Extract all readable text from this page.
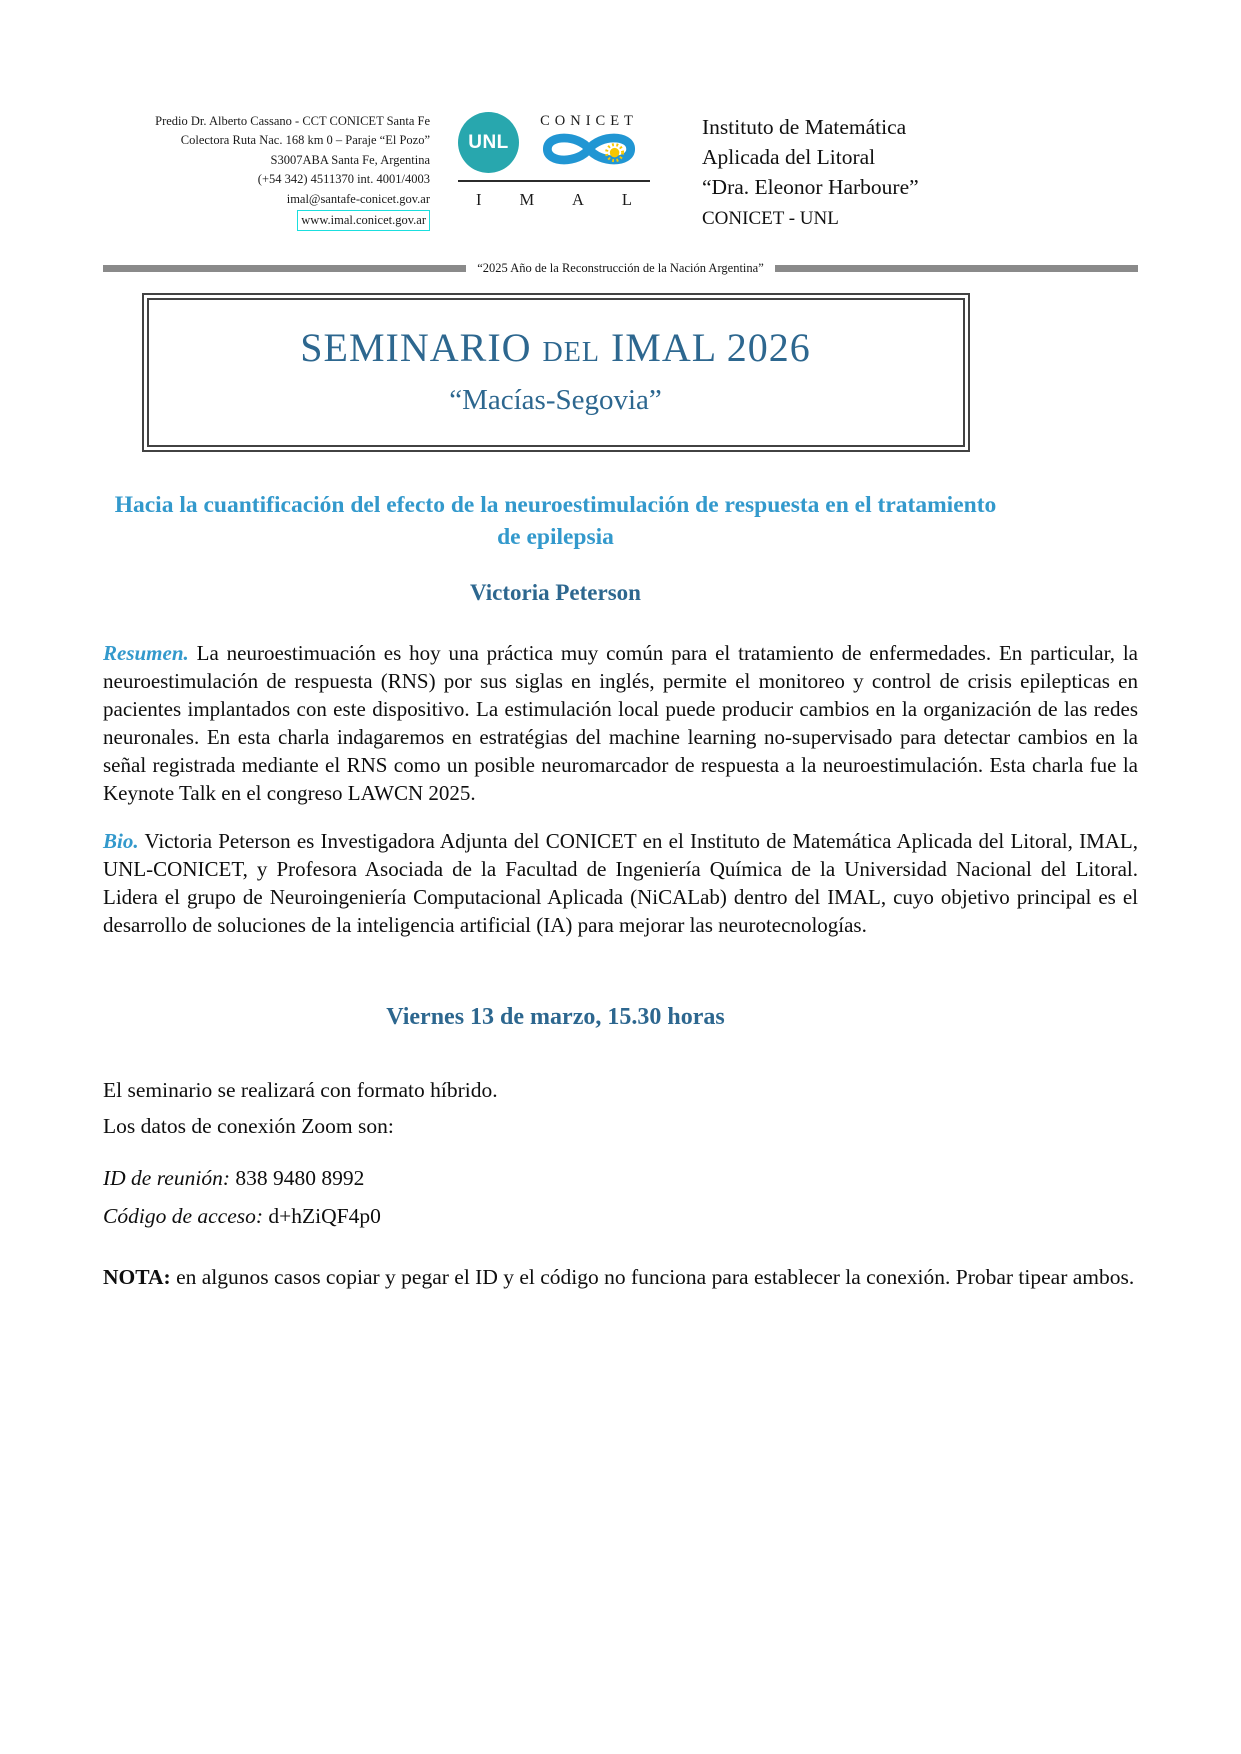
Predio Dr. Alberto Cassano - CCT CONICET Santa Fe
Colectora Ruta Nac. 168 km 0 – Paraje “El Pozo”
S3007ABA Santa Fe, Argentina
(+54 342) 4511370 int. 4001/4003
imal@santafe-conicet.gov.ar
www.imal.conicet.gov.ar
UNL
CONICET
I M A L
Instituto de Matemática
Aplicada del Litoral
“Dra. Eleonor Harboure”
CONICET - UNL
“2025 Año de la Reconstrucción de la Nación Argentina”
SEMINARIO del IMAL 2026
“Macías-Segovia”
Hacia la cuantificación del efecto de la neuroestimulación de respuesta en el tratamiento de epilepsia
Victoria Peterson

Resumen. La neuroestimuación es hoy una práctica muy común para el tratamiento de enfermedades. En particular, la neuroestimulación de respuesta (RNS) por sus siglas en inglés, permite el monitoreo y control de crisis epilepticas en pacientes implantados con este dispositivo. La estimulación local puede producir cambios en la organización de las redes neuronales. En esta charla indagaremos en estratégias del machine learning no-supervisado para detectar cambios en la señal registrada mediante el RNS como un posible neuromarcador de respuesta a la neuroestimulación. Esta charla fue la Keynote Talk en el congreso LAWCN 2025.

Bio. Victoria Peterson es Investigadora Adjunta del CONICET en el Instituto de Matemática Aplicada del Litoral, IMAL, UNL-CONICET, y Profesora Asociada de la Facultad de Ingeniería Química de la Universidad Nacional del Litoral. Lidera el grupo de Neuroingeniería Computacional Aplicada (NiCALab) dentro del IMAL, cuyo objetivo principal es el desarrollo de soluciones de la inteligencia artificial (IA) para mejorar las neurotecnologías.

Viernes 13 de marzo, 15.30 horas

El seminario se realizará con formato híbrido.

Los datos de conexión Zoom son:

ID de reunión: 838 9480 8992

Código de acceso: d+hZiQF4p0

NOTA: en algunos casos copiar y pegar el ID y el código no funciona para establecer la conexión. Probar tipear ambos.
